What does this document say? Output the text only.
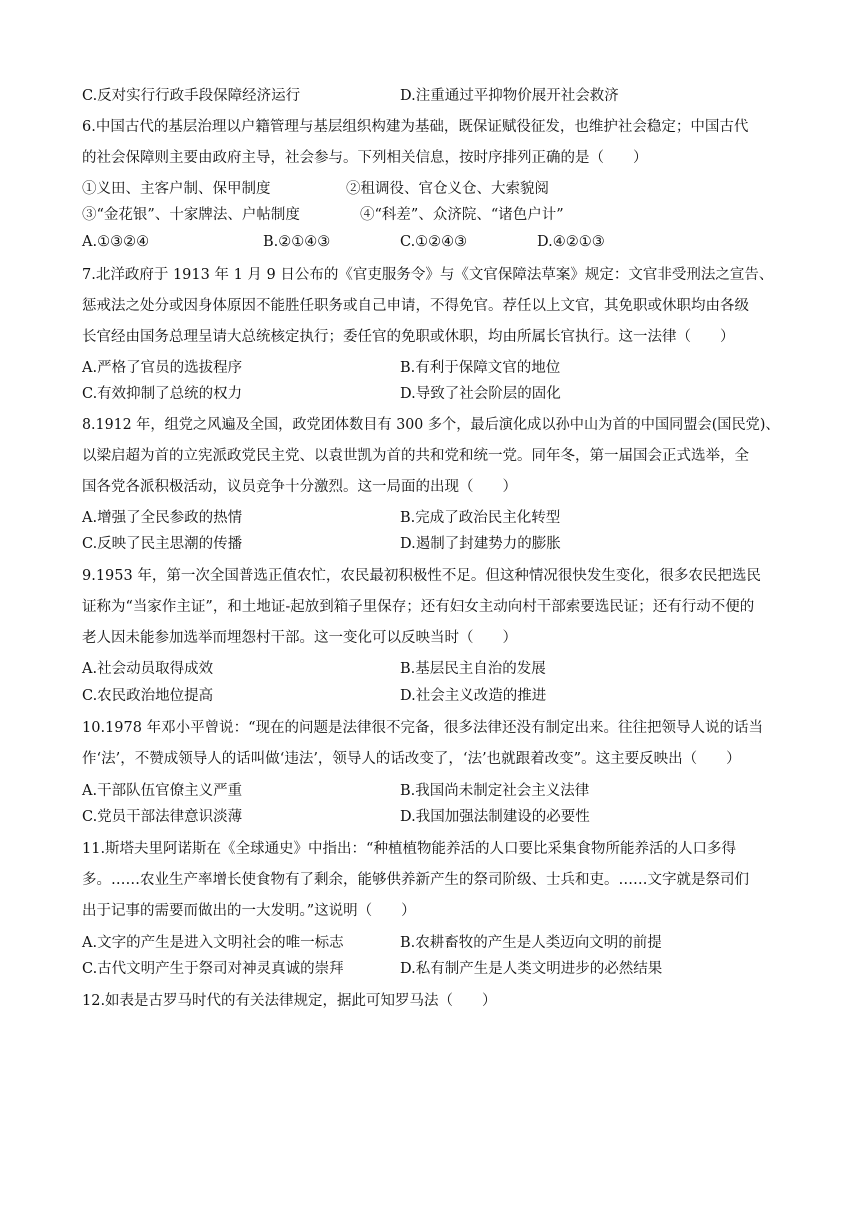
C.反对实行行政手段保障经济运行	D.注重通过平抑物价展开社会救济
6.中国古代的基层治理以户籍管理与基层组织构建为基础，既保证赋役征发，也维护社会稳定；中国古代
的社会保障则主要由政府主导，社会参与。下列相关信息，按时序排列正确的是（　　）
①义田、主客户制、保甲制度	②租调役、官仓义仓、大索貌阅
③“金花银”、十家牌法、户帖制度	④“科差”、众济院、“诸色户计”
A.①③②④	B.②①④③	C.①②④③	D.④②①③
7.北洋政府于 1913 年 1 月 9 日公布的《官吏服务令》与《文官保障法草案》规定：文官非受刑法之宣告、
惩戒法之处分或因身体原因不能胜任职务或自己申请，不得免官。荐任以上文官，其免职或休职均由各级
长官经由国务总理呈请大总统核定执行；委任官的免职或休职，均由所属长官执行。这一法律（　　）
A.严格了官员的选拔程序	B.有利于保障文官的地位
C.有效抑制了总统的权力	D.导致了社会阶层的固化
8.1912 年，组党之风遍及全国，政党团体数目有 300 多个，最后演化成以孙中山为首的中国同盟会(国民党)、
以梁启超为首的立宪派政党民主党、以袁世凯为首的共和党和统一党。同年冬，第一届国会正式选举，全
国各党各派积极活动，议员竞争十分激烈。这一局面的出现（　　）
A.增强了全民参政的热情	B.完成了政治民主化转型
C.反映了民主思潮的传播	D.遏制了封建势力的膨胀
9.1953 年，第一次全国普选正值农忙，农民最初积极性不足。但这种情况很快发生变化，很多农民把选民
证称为“当家作主证”，和土地证-起放到箱子里保存；还有妇女主动向村干部索要选民证；还有行动不便的
老人因未能参加选举而埋怨村干部。这一变化可以反映当时（　　）
A.社会动员取得成效	B.基层民主自治的发展
C.农民政治地位提高	D.社会主义改造的推进
10.1978 年邓小平曾说：“现在的问题是法律很不完备，很多法律还没有制定出来。往往把领导人说的话当
作‘法’，不赞成领导人的话叫做‘违法’，领导人的话改变了，‘法’也就跟着改变”。这主要反映出（　　）
A.干部队伍官僚主义严重	B.我国尚未制定社会主义法律
C.党员干部法律意识淡薄	D.我国加强法制建设的必要性
11.斯塔夫里阿诺斯在《全球通史》中指出：“种植植物能养活的人口要比采集食物所能养活的人口多得
多。……农业生产率增长使食物有了剩余，能够供养新产生的祭司阶级、士兵和吏。……文字就是祭司们
出于记事的需要而做出的一大发明。”这说明（　　）
A.文字的产生是进入文明社会的唯一标志	B.农耕畜牧的产生是人类迈向文明的前提
C.古代文明产生于祭司对神灵真诚的崇拜	D.私有制产生是人类文明进步的必然结果
12.如表是古罗马时代的有关法律规定，据此可知罗马法（　　）
